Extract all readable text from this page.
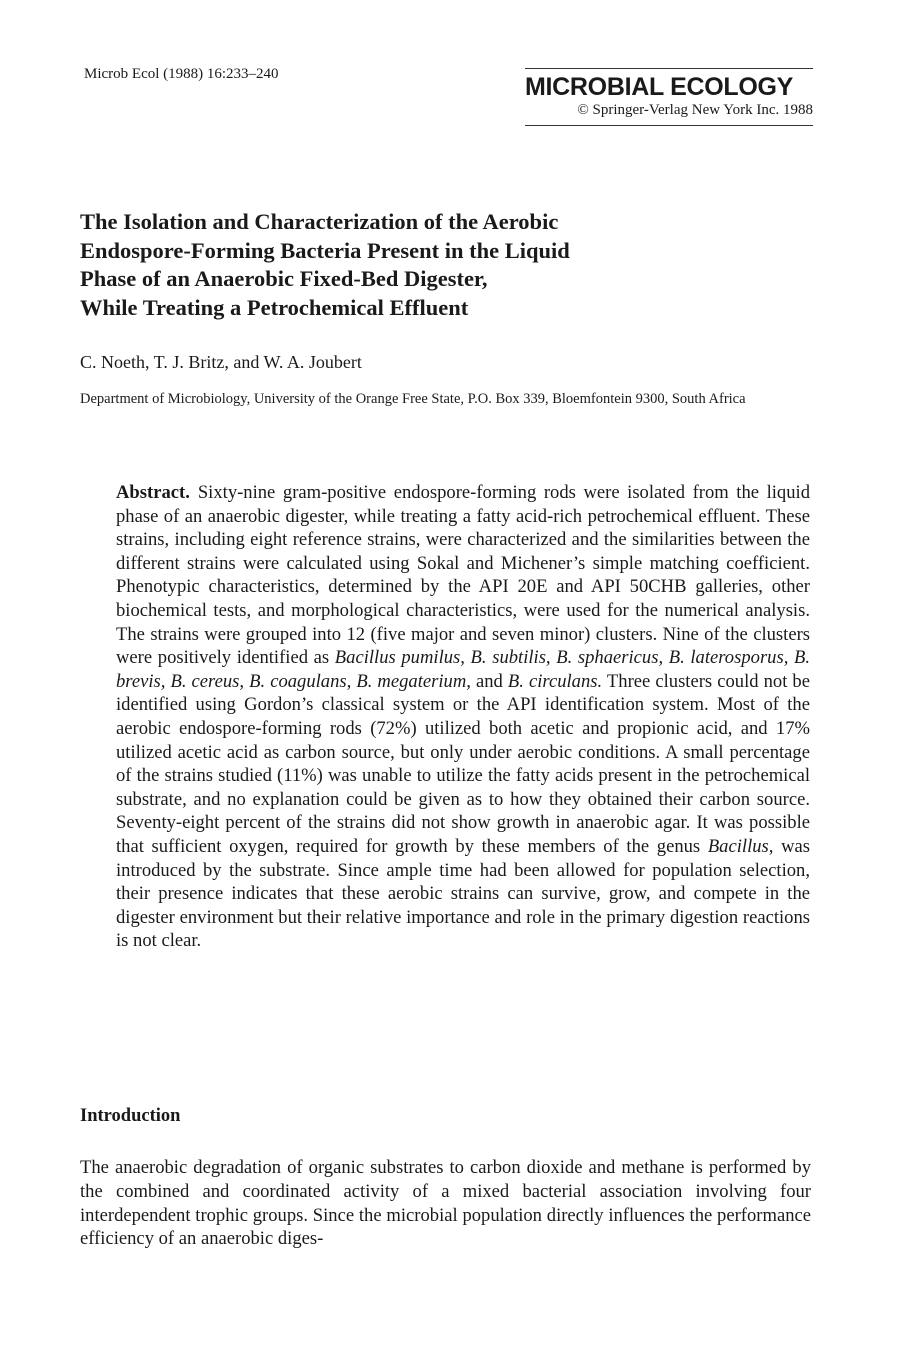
Microb Ecol (1988) 16:233–240	MICROBIAL ECOLOGY
© Springer-Verlag New York Inc. 1988
The Isolation and Characterization of the Aerobic
Endospore-Forming Bacteria Present in the Liquid
Phase of an Anaerobic Fixed-Bed Digester,
While Treating a Petrochemical Effluent
C. Noeth, T. J. Britz, and W. A. Joubert
Department of Microbiology, University of the Orange Free State, P.O. Box 339, Bloemfontein 9300, South Africa
Abstract. Sixty-nine gram-positive endospore-forming rods were isolated from the liquid phase of an anaerobic digester, while treating a fatty acid-rich petrochemical effluent. These strains, including eight reference strains, were characterized and the similarities between the different strains were calculated using Sokal and Michener’s simple matching coefficient. Phenotypic characteristics, determined by the API 20E and API 50CHB galleries, other biochemical tests, and morphological characteristics, were used for the numerical analysis. The strains were grouped into 12 (five major and seven minor) clusters. Nine of the clusters were positively identified as Bacillus pumilus, B. subtilis, B. sphaericus, B. laterosporus, B. brevis, B. cereus, B. coagulans, B. megaterium, and B. circulans. Three clusters could not be identified using Gordon’s classical system or the API identification system. Most of the aerobic endospore-forming rods (72%) utilized both acetic and propionic acid, and 17% utilized acetic acid as carbon source, but only under aerobic conditions. A small percentage of the strains studied (11%) was unable to utilize the fatty acids present in the petrochemical substrate, and no explanation could be given as to how they obtained their carbon source. Seventy-eight percent of the strains did not show growth in anaerobic agar. It was possible that sufficient oxygen, required for growth by these members of the genus Bacillus, was introduced by the substrate. Since ample time had been allowed for population selection, their presence indicates that these aerobic strains can survive, grow, and compete in the digester environment but their relative importance and role in the primary digestion reactions is not clear.
Introduction
The anaerobic degradation of organic substrates to carbon dioxide and methane is performed by the combined and coordinated activity of a mixed bacterial association involving four interdependent trophic groups. Since the microbial population directly influences the performance efficiency of an anaerobic diges-
